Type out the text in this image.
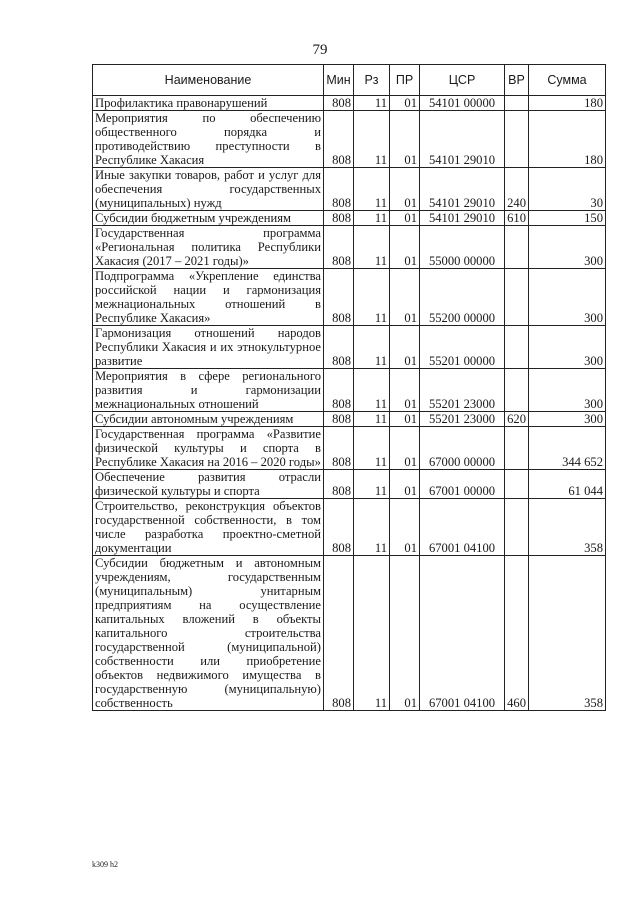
79
Наименование	Мин	Рз	ПР	ЦСР	ВР	Сумма
Профилактика правонарушений	808	11	01	54101 00000		180
Мероприятия по обеспечению общественного порядка и противодействию преступности в Республике Хакасия	808	11	01	54101 29010		180
Иные закупки товаров, работ и услуг для обеспечения государственных (муниципальных) нужд	808	11	01	54101 29010	240	30
Субсидии бюджетным учреждениям	808	11	01	54101 29010	610	150
Государственная программа «Региональная политика Республики Хакасия (2017 – 2021 годы)»	808	11	01	55000 00000		300
Подпрограмма «Укрепление единства российской нации и гармонизация межнациональных отношений в Республике Хакасия»	808	11	01	55200 00000		300
Гармонизация отношений народов Республики Хакасия и их этнокультурное развитие	808	11	01	55201 00000		300
Мероприятия в сфере регионального развития и гармонизации межнациональных отношений	808	11	01	55201 23000		300
Субсидии автономным учреждениям	808	11	01	55201 23000	620	300
Государственная программа «Развитие физической культуры и спорта в Республике Хакасия на 2016 – 2020 годы»	808	11	01	67000 00000		344 652
Обеспечение развития отрасли физической культуры и спорта	808	11	01	67001 00000		61 044
Строительство, реконструкция объектов государственной собственности, в том числе разработка проектно-сметной документации	808	11	01	67001 04100		358
Субсидии бюджетным и автономным учреждениям, государственным (муниципальным) унитарным предприятиям на осуществление капитальных вложений в объекты капитального строительства государственной (муниципальной) собственности или приобретение объектов недвижимого имущества в государственную (муниципальную) собственность	808	11	01	67001 04100	460	358
k309 h2
